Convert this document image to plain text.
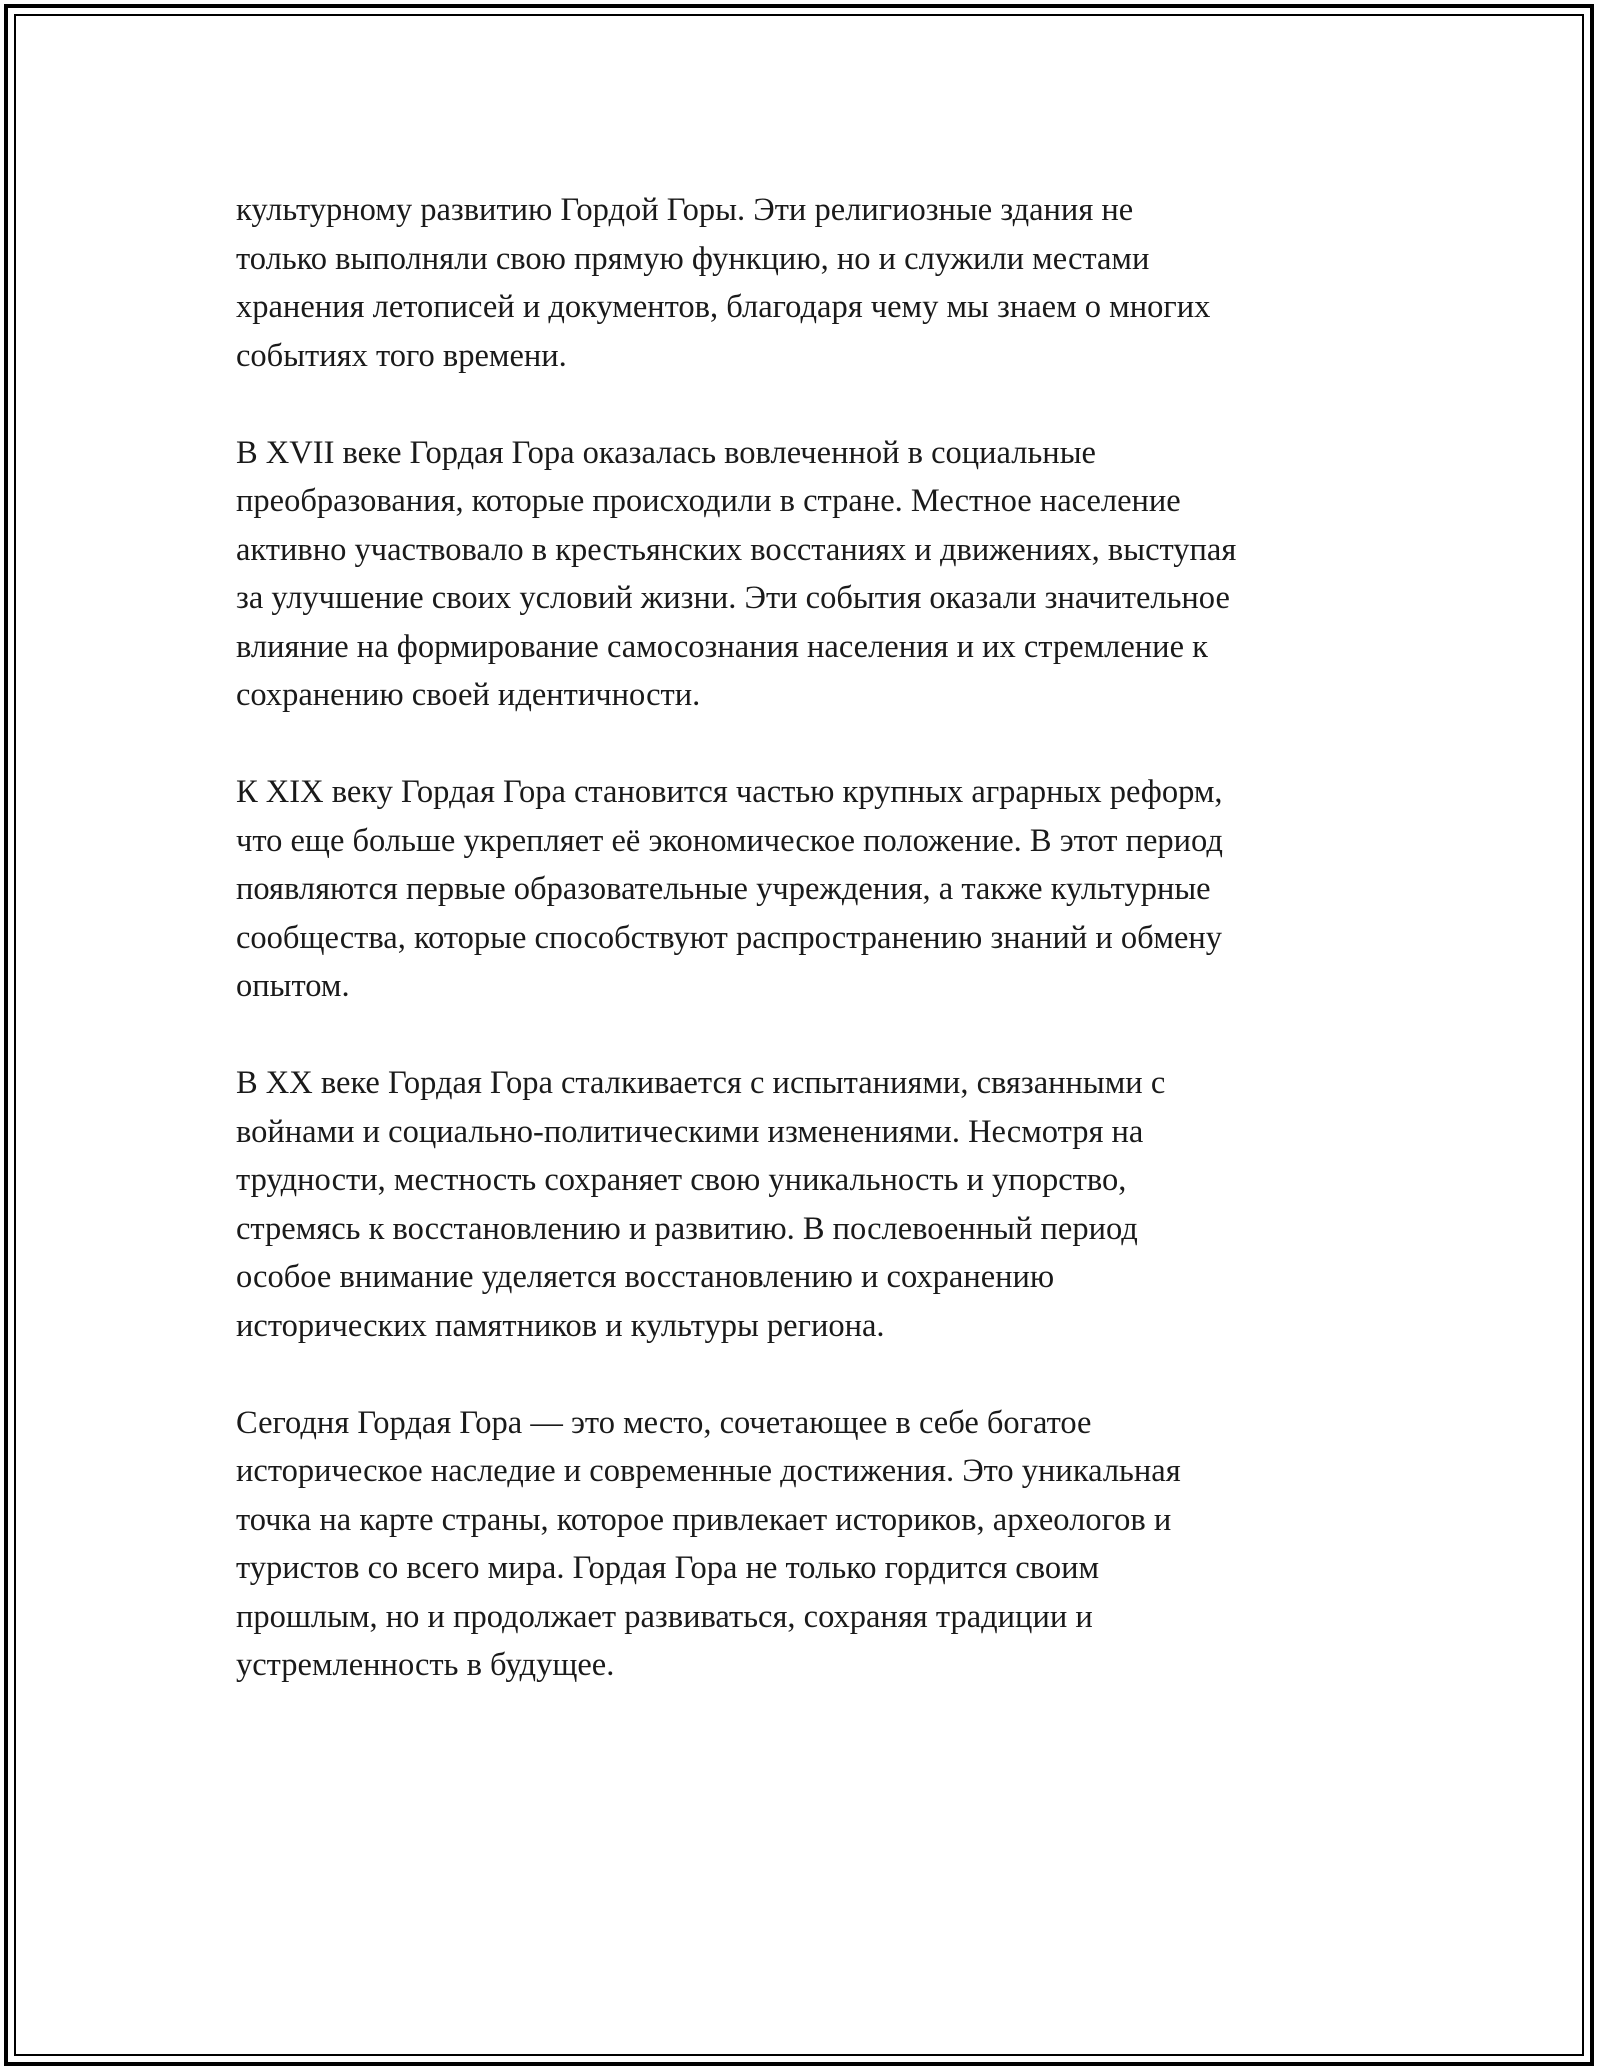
культурному развитию Гордой Горы. Эти религиозные здания не
только выполняли свою прямую функцию, но и служили местами
хранения летописей и документов, благодаря чему мы знаем о многих
событиях того времени.

В XVII веке Гордая Гора оказалась вовлеченной в социальные
преобразования, которые происходили в стране. Местное население
активно участвовало в крестьянских восстаниях и движениях, выступая
за улучшение своих условий жизни. Эти события оказали значительное
влияние на формирование самосознания населения и их стремление к
сохранению своей идентичности.

К XIX веку Гордая Гора становится частью крупных аграрных реформ,
что еще больше укрепляет её экономическое положение. В этот период
появляются первые образовательные учреждения, а также культурные
сообщества, которые способствуют распространению знаний и обмену
опытом.

В XX веке Гордая Гора сталкивается с испытаниями, связанными с
войнами и социально-политическими изменениями. Несмотря на
трудности, местность сохраняет свою уникальность и упорство,
стремясь к восстановлению и развитию. В послевоенный период
особое внимание уделяется восстановлению и сохранению
исторических памятников и культуры региона.

Сегодня Гордая Гора — это место, сочетающее в себе богатое
историческое наследие и современные достижения. Это уникальная
точка на карте страны, которое привлекает историков, археологов и
туристов со всего мира. Гордая Гора не только гордится своим
прошлым, но и продолжает развиваться, сохраняя традиции и
устремленность в будущее.
